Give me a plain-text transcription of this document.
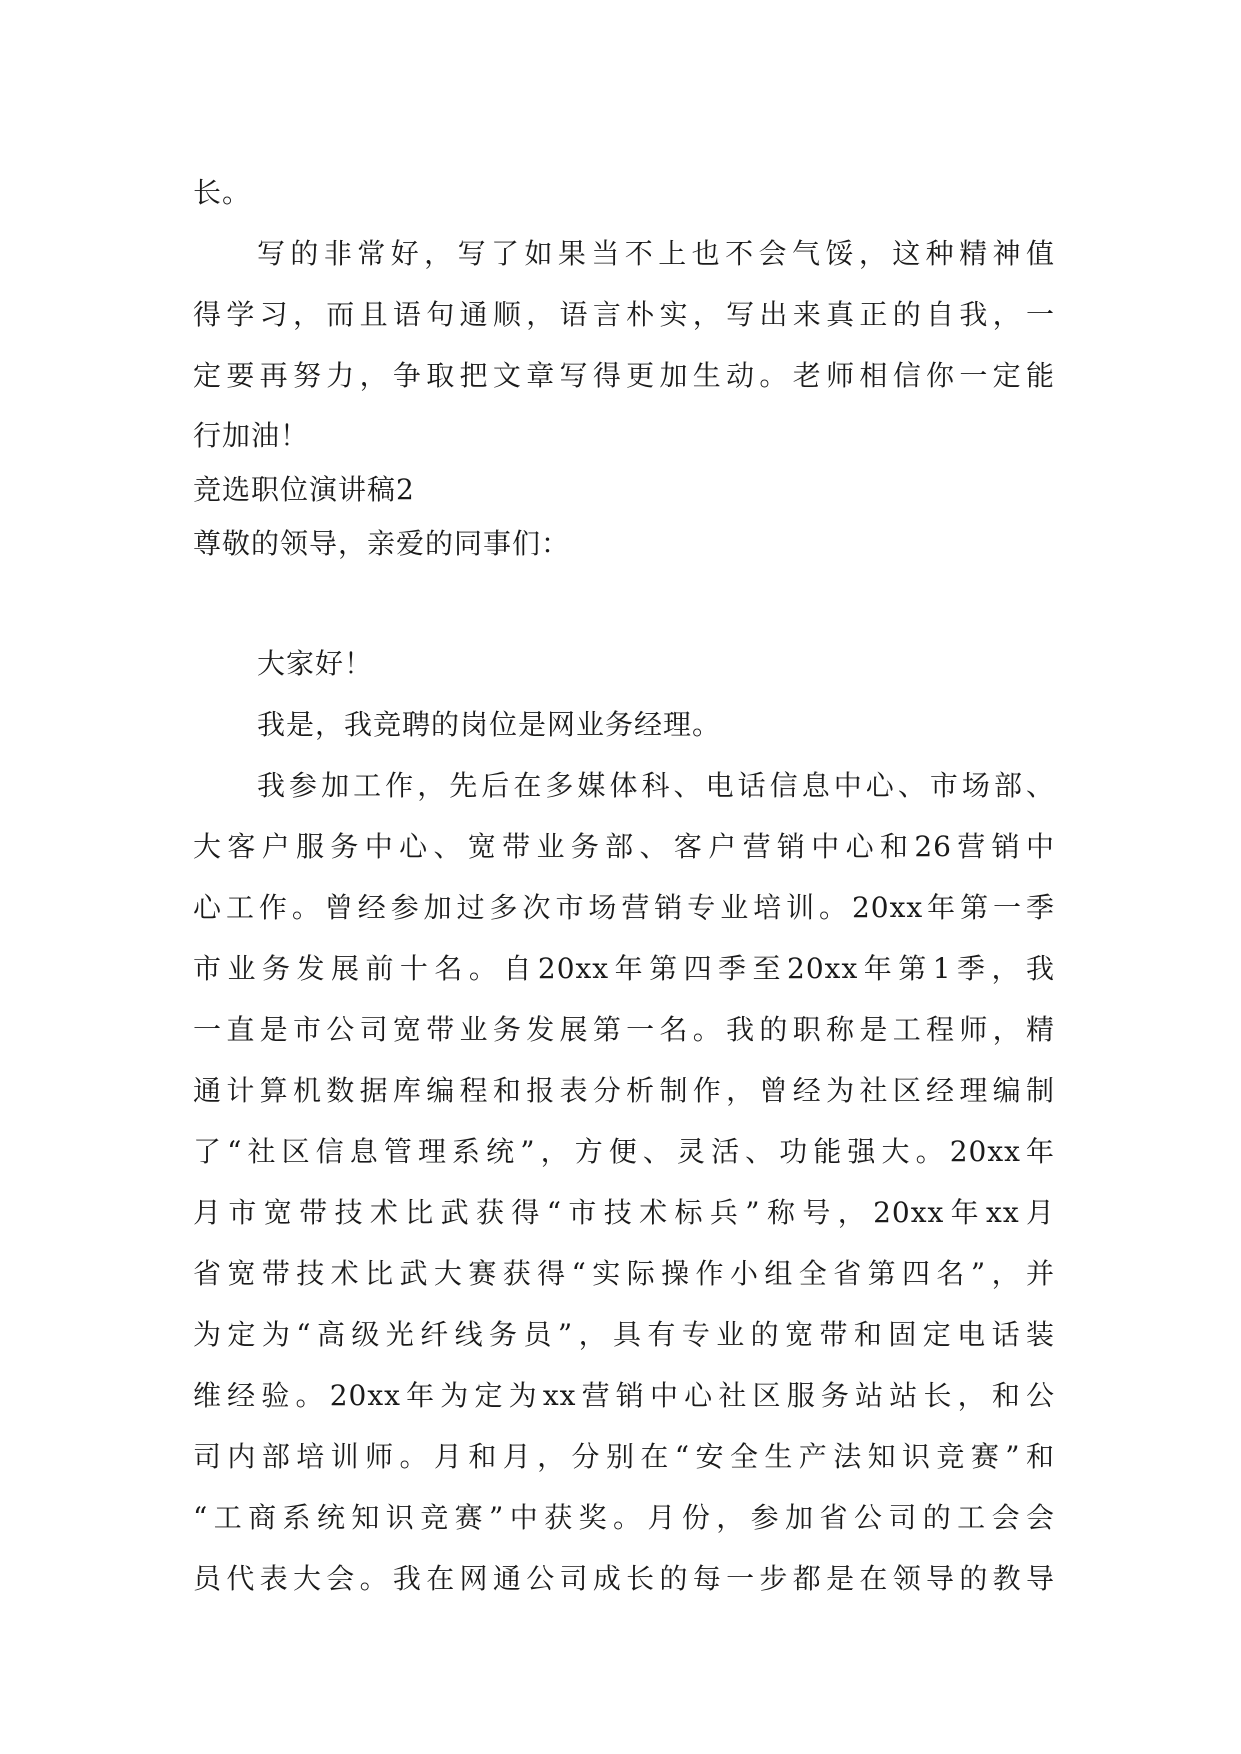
长。
写的非常好，写了如果当不上也不会气馁，这种精神值
得学习，而且语句通顺，语言朴实，写出来真正的自我，一
定要再努力，争取把文章写得更加生动。老师相信你一定能
行加油！
竞选职位演讲稿2
尊敬的领导，亲爱的同事们：
大家好！
我是，我竞聘的岗位是网业务经理。
我参加工作，先后在多媒体科、电话信息中心、市场部、
大客户服务中心、宽带业务部、客户营销中心和26营销中
心工作。曾经参加过多次市场营销专业培训。20xx年第一季
市业务发展前十名。自20xx年第四季至20xx年第1季，我
一直是市公司宽带业务发展第一名。我的职称是工程师，精
通计算机数据库编程和报表分析制作，曾经为社区经理编制
了“社区信息管理系统”，方便、灵活、功能强大。20xx年
月市宽带技术比武获得“市技术标兵”称号，20xx年xx月
省宽带技术比武大赛获得“实际操作小组全省第四名”，并
为定为“高级光纤线务员”，具有专业的宽带和固定电话装
维经验。20xx年为定为xx营销中心社区服务站站长，和公
司内部培训师。月和月，分别在“安全生产法知识竞赛”和
“工商系统知识竞赛”中获奖。月份，参加省公司的工会会
员代表大会。我在网通公司成长的每一步都是在领导的教导
